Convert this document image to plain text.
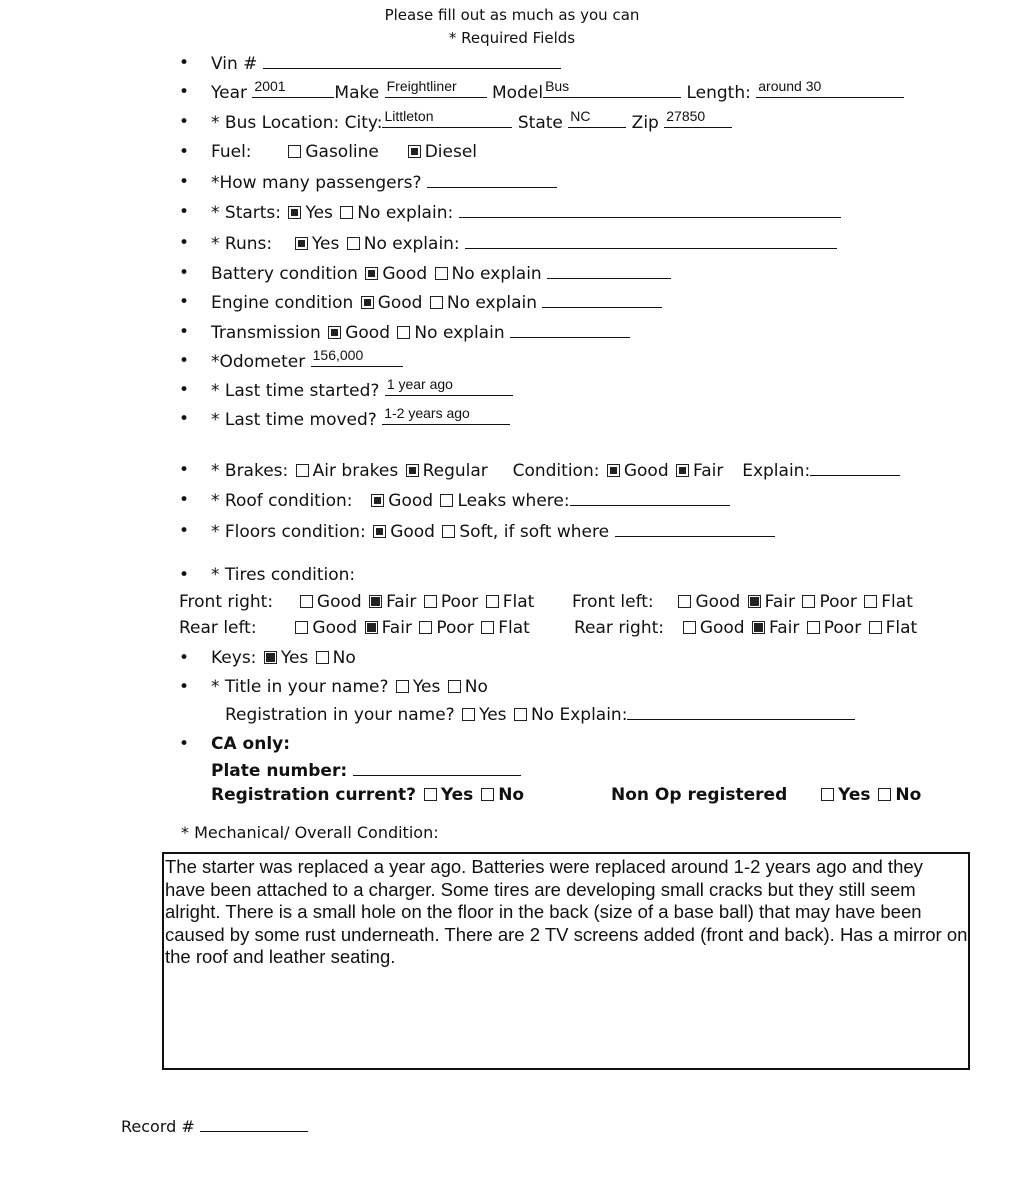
Please fill out as much as you can
* Required Fields
Vin #
Year 2001	Make Freightliner Model Bus	Length: around 30
* Bus Location: City: Littleton	State NC Zip 27850
Fuel:	Gasoline	Diesel
*How many passengers?
* Starts: Yes No explain:
* Runs: Yes No explain:
Battery condition Good No explain
Engine condition Good No explain
Transmission Good No explain
*Odometer 156,000
* Last time started? 1 year ago
* Last time moved? 1-2 years ago
* Brakes: Air brakes Regular Condition: Good Fair Explain:
* Roof condition: Good Leaks where:
* Floors condition: Good Soft, if soft where
* Tires condition:
Front right:	Good Fair Poor Flat Front left: Good Fair Poor Flat
Rear left:	Good Fair Poor Flat	Rear right: Good Fair Poor Flat
Keys: Yes No
* Title in your name? Yes No
Registration in your name? Yes No Explain:
CA only:
Plate number:
Registration current? Yes No	Non Op registered	Yes No
* Mechanical/ Overall Condition:
The starter was replaced a year ago. Batteries were replaced around 1-2 years ago and they have been attached to a charger. Some tires are developing small cracks but they still seem alright. There is a small hole on the floor in the back (size of a base ball) that may have been caused by some rust underneath. There are 2 TV screens added (front and back). Has a mirror on the roof and leather seating.
Record #
